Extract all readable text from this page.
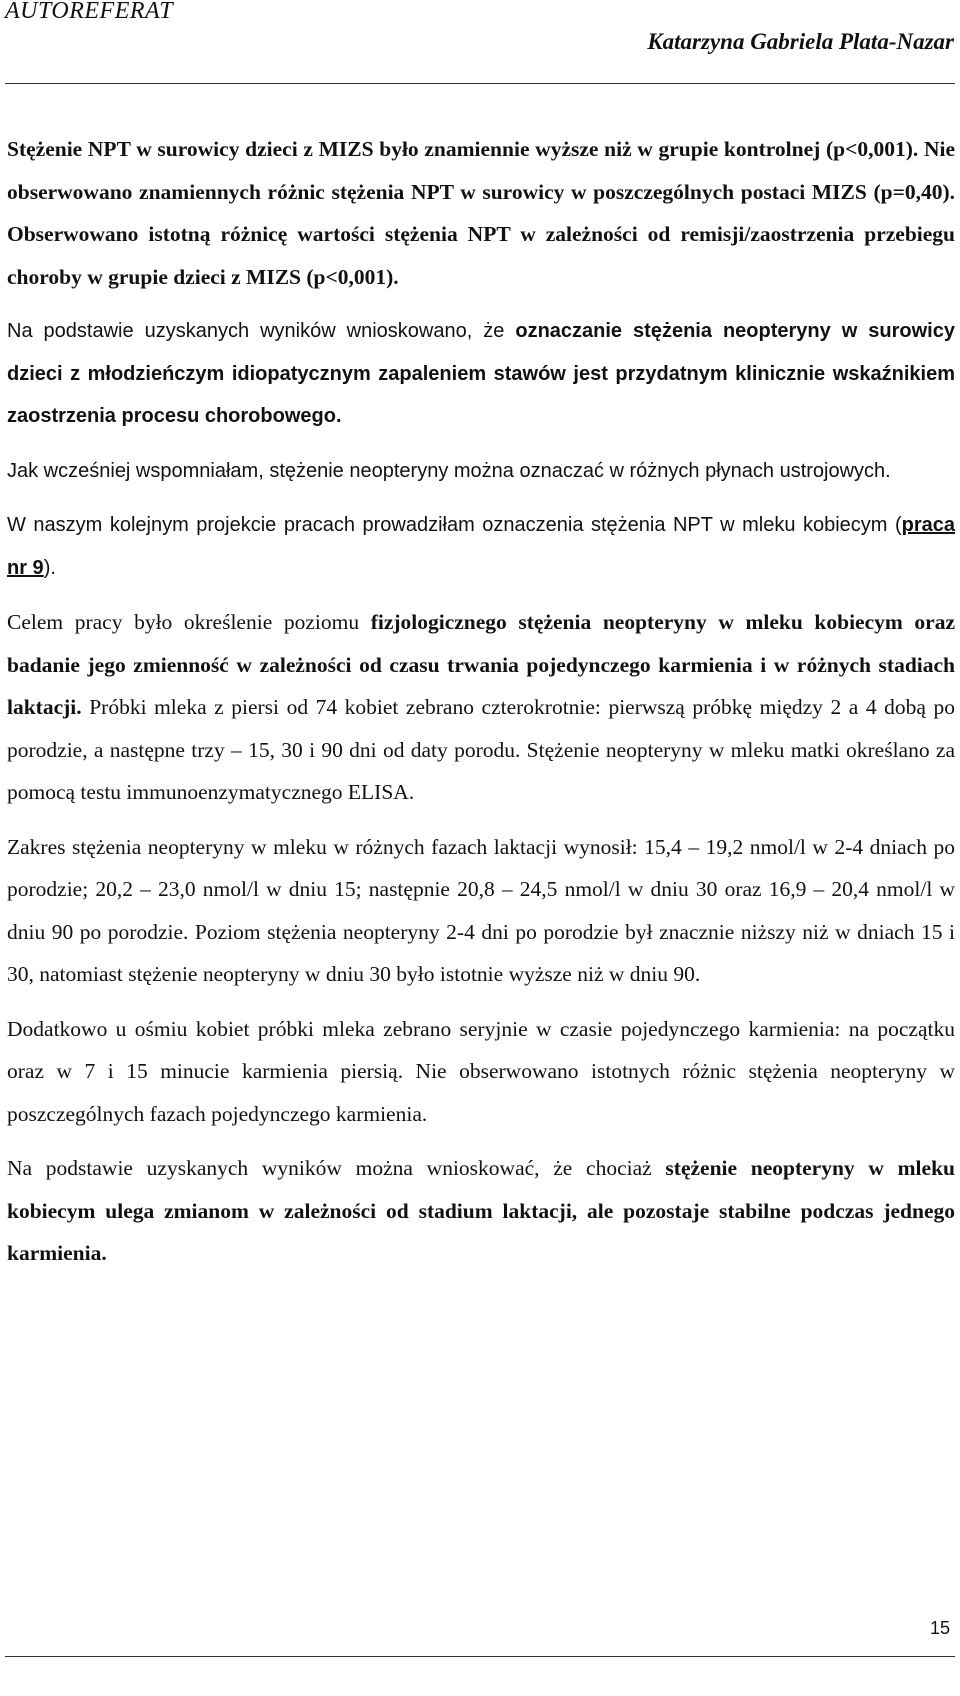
AUTOREFERAT
Katarzyna Gabriela Plata-Nazar

Stężenie NPT w surowicy dzieci z MIZS było znamiennie wyższe niż w grupie kontrolnej (p<0,001). Nie obserwowano znamiennych różnic stężenia NPT w surowicy w poszczególnych postaci MIZS (p=0,40). Obserwowano istotną różnicę wartości stężenia NPT w zależności od remisji/zaostrzenia przebiegu choroby w grupie dzieci z MIZS (p<0,001).

Na podstawie uzyskanych wyników wnioskowano, że oznaczanie stężenia neopteryny w surowicy dzieci z młodzieńczym idiopatycznym zapaleniem stawów jest przydatnym klinicznie wskaźnikiem zaostrzenia procesu chorobowego.

Jak wcześniej wspomniałam, stężenie neopteryny można oznaczać w różnych płynach ustrojowych.

W naszym kolejnym projekcie pracach prowadziłam oznaczenia stężenia NPT w mleku kobiecym (praca nr 9).

Celem pracy było określenie poziomu fizjologicznego stężenia neopteryny w mleku kobiecym oraz badanie jego zmienność w zależności od czasu trwania pojedynczego karmienia i w różnych stadiach laktacji. Próbki mleka z piersi od 74 kobiet zebrano czterokrotnie: pierwszą próbkę między 2 a 4 dobą po porodzie, a następne trzy – 15, 30 i 90 dni od daty porodu. Stężenie neopteryny w mleku matki określano za pomocą testu immunoenzymatycznego ELISA.

Zakres stężenia neopteryny w mleku w różnych fazach laktacji wynosił: 15,4 – 19,2 nmol/l w 2-4 dniach po porodzie; 20,2 – 23,0 nmol/l w dniu 15; następnie 20,8 – 24,5 nmol/l w dniu 30 oraz 16,9 – 20,4 nmol/l w dniu 90 po porodzie. Poziom stężenia neopteryny 2-4 dni po porodzie był znacznie niższy niż w dniach 15 i 30, natomiast stężenie neopteryny w dniu 30 było istotnie wyższe niż w dniu 90.

Dodatkowo u ośmiu kobiet próbki mleka zebrano seryjnie w czasie pojedynczego karmienia: na początku oraz w 7 i 15 minucie karmienia piersią. Nie obserwowano istotnych różnic stężenia neopteryny w poszczególnych fazach pojedynczego karmienia.

Na podstawie uzyskanych wyników można wnioskować, że chociaż stężenie neopteryny w mleku kobiecym ulega zmianom w zależności od stadium laktacji, ale pozostaje stabilne podczas jednego karmienia.

15
